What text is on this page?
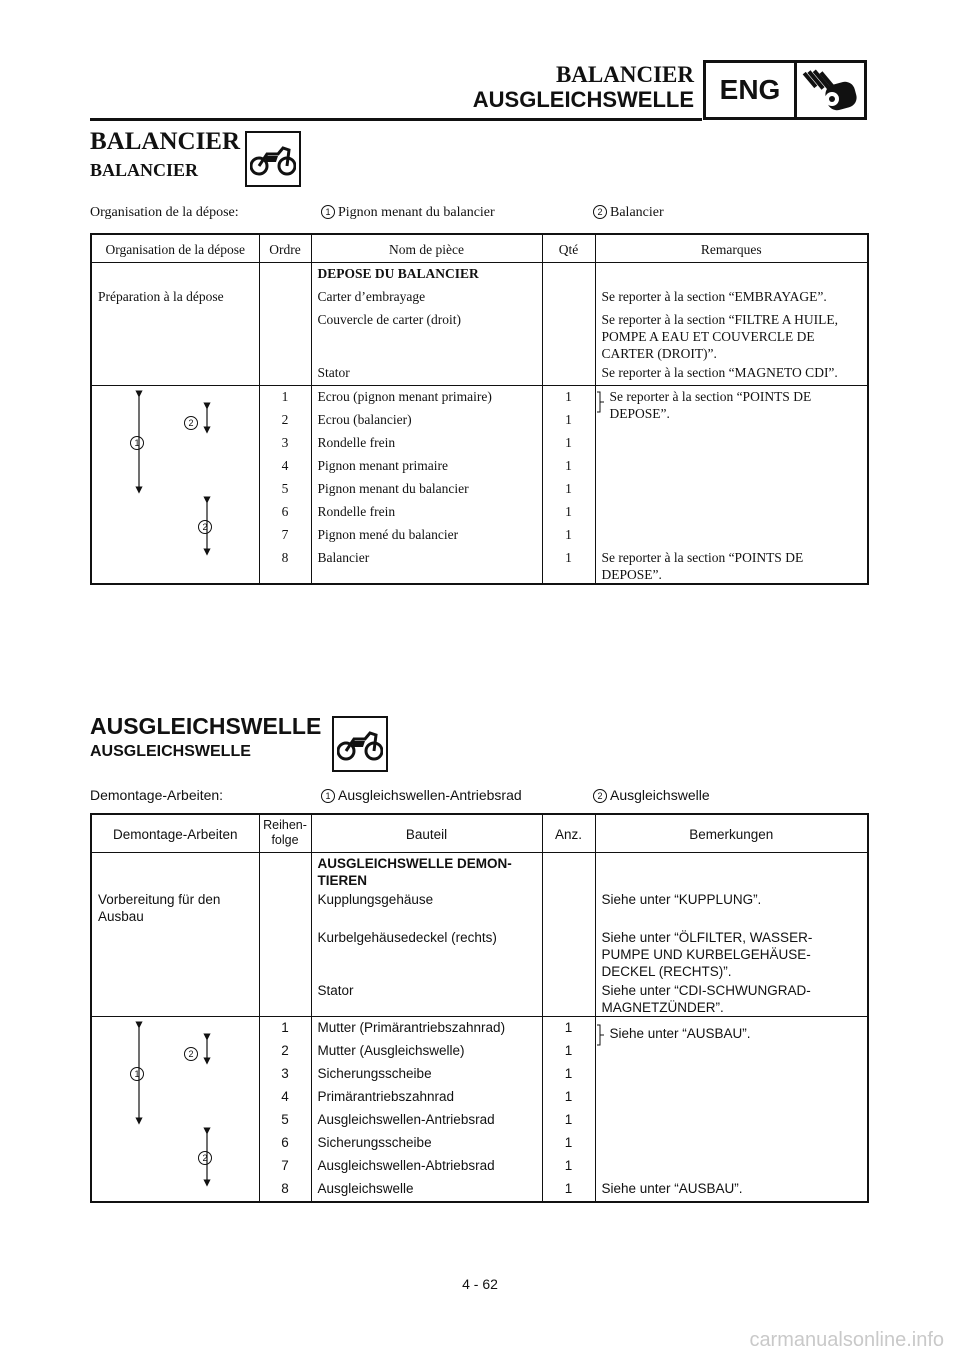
BALANCIER
AUSGLEICHSWELLE ENG
BALANCIER
BALANCIER
Organisation de la dépose:	1 Pignon menant du balancier	2 Balancier
Organisation de la dépose	Ordre	Nom de pièce	Qté	Remarques
		DEPOSE DU BALANCIER		
Préparation à la dépose		Carter d’embrayage		Se reporter à la section “EMBRAYAGE”.
		Couvercle de carter (droit)		Se reporter à la section “FILTRE A HUILE, POMPE A EAU ET COUVERCLE DE CARTER (DROIT)”.
		Stator		Se reporter à la section “MAGNETO CDI”.

1
2
2	1	Ecrou (pignon menant primaire)	1	Se reporter à la section “POINTS DE DEPOSE”.
	2	Ecrou (balancier)	1	
	3	Rondelle frein	1	
	4	Pignon menant primaire	1	
	5	Pignon menant du balancier	1	
	6	Rondelle frein	1	
	7	Pignon mené du balancier	1	
	8	Balancier	1	Se reporter à la section “POINTS DE DEPOSE”.
AUSGLEICHSWELLE
AUSGLEICHSWELLE
Demontage-Arbeiten:	1 Ausgleichswellen-Antriebsrad	2 Ausgleichswelle
Demontage-Arbeiten	Reihen-folge	Bauteil	Anz.	Bemerkungen
		AUSGLEICHSWELLE DEMON-TIEREN		
Vorbereitung für den Ausbau		Kupplungsgehäuse		Siehe unter “KUPPLUNG”.
		Kurbelgehäusedeckel (rechts)		Siehe unter “ÖLFILTER, WASSER-PUMPE UND KURBELGEHÄUSE-DECKEL (RECHTS)”.
		Stator		Siehe unter “CDI-SCHWUNGRAD-MAGNETZÜNDER”.

1
2
2	1	Mutter (Primärantriebszahnrad)	1	Siehe unter “AUSBAU”.

	2	Mutter (Ausgleichswelle)	1	
	3	Sicherungsscheibe	1	
	4	Primärantriebszahnrad	1	
	5	Ausgleichswellen-Antriebsrad	1	
	6	Sicherungsscheibe	1	
	7	Ausgleichswellen-Abtriebsrad	1	
	8	Ausgleichswelle	1	Siehe unter “AUSBAU”.
4 - 62
carmanualsonline.info
